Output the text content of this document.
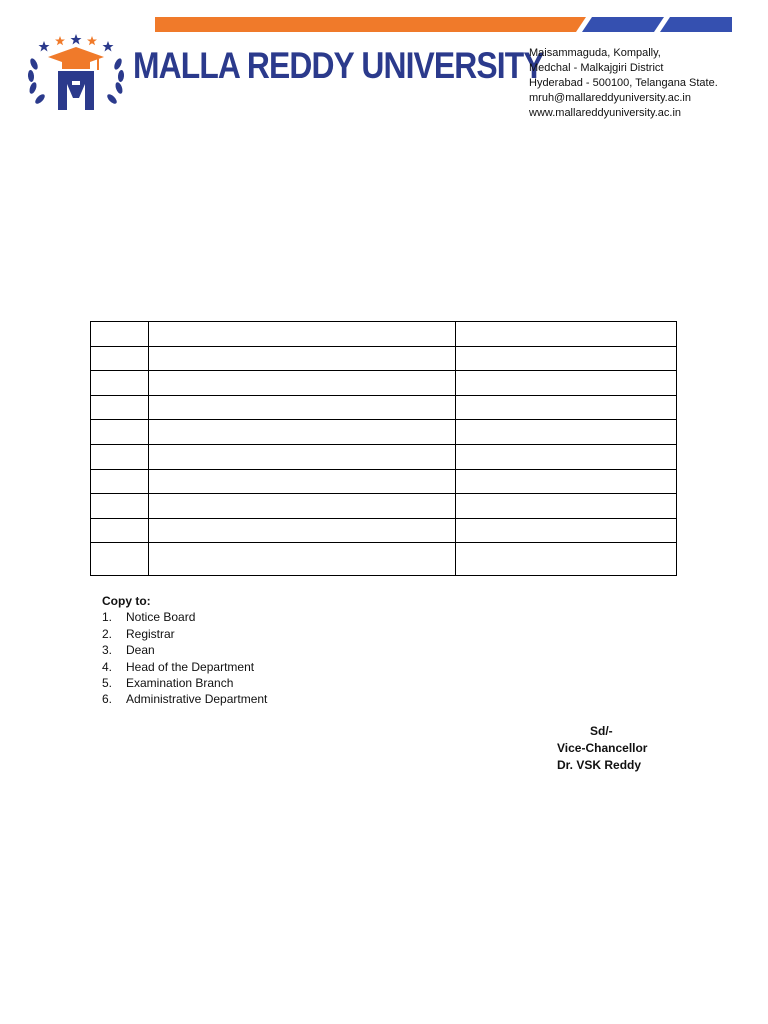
MALLA REDDY UNIVERSITY
Maisammaguda, Kompally,
Medchal - Malkajgiri District
Hyderabad - 500100, Telangana State.
mruh@mallareddyuniversity.ac.in
www.mallareddyuniversity.ac.in

Copy to:
1.	Notice Board
2.	Registrar
3.	Dean
4.	Head of the Department
5.	Examination Branch
6.	Administrative Department
Sd/-
Vice-Chancellor
Dr. VSK Reddy
